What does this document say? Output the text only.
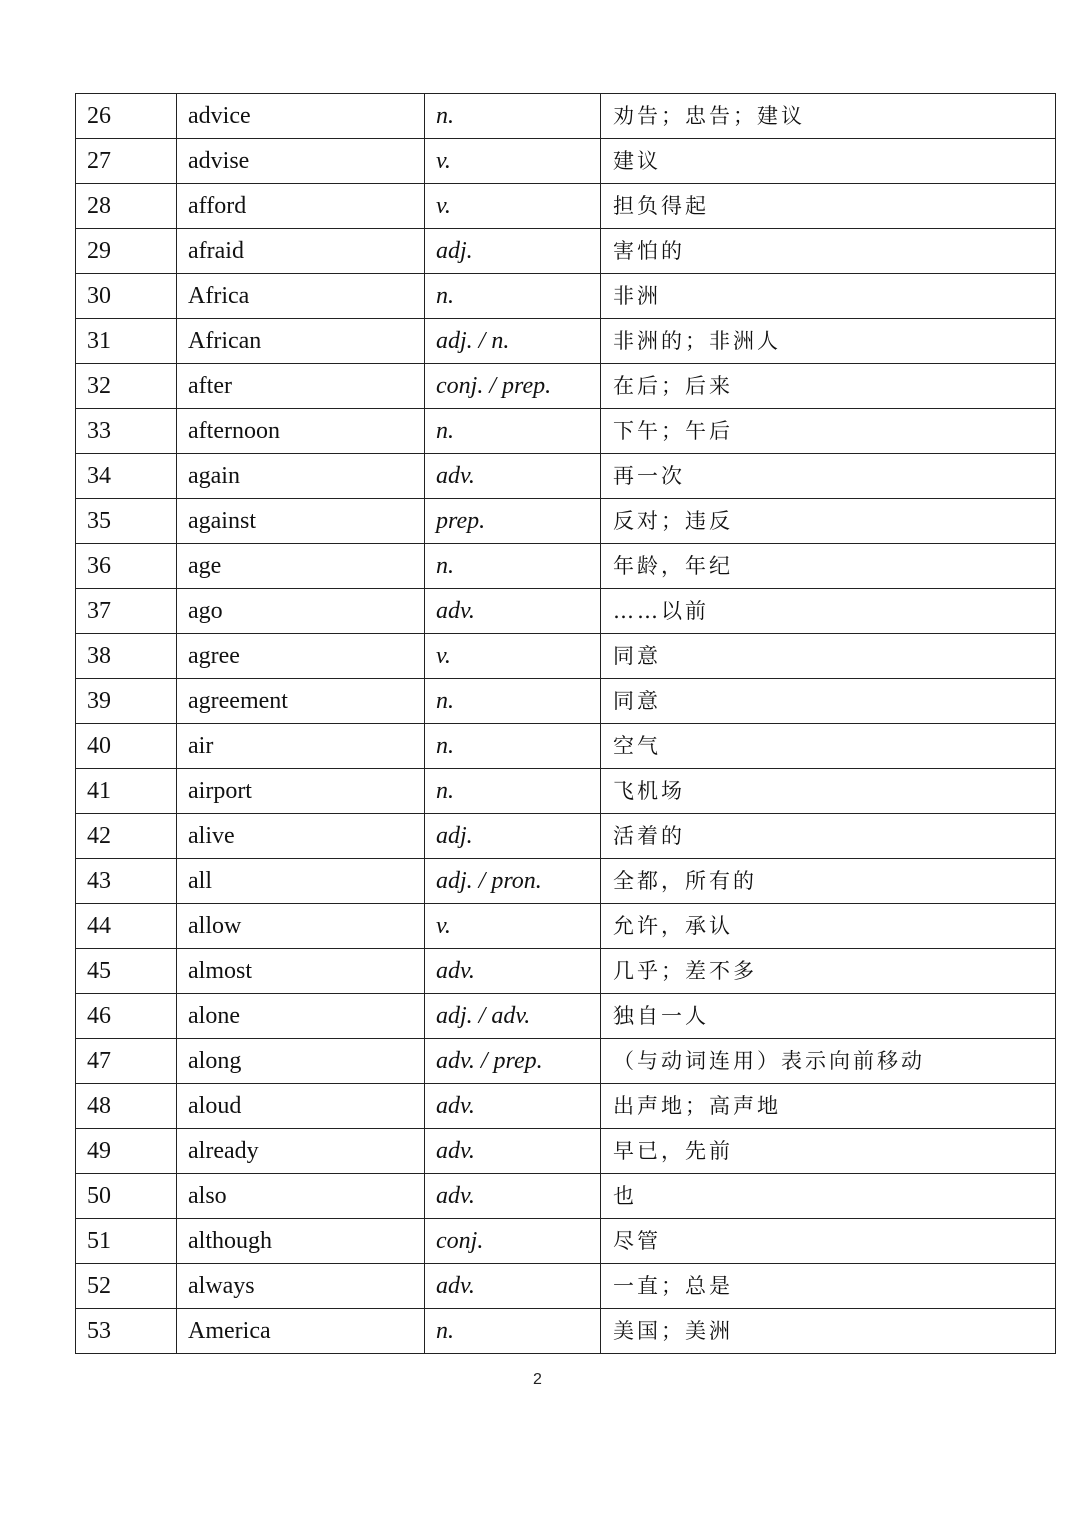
26	advice	n.	劝告；忠告；建议
27	advise	v.	建议
28	afford	v.	担负得起
29	afraid	adj.	害怕的
30	Africa	n.	非洲
31	African	adj. / n.	非洲的；非洲人
32	after	conj. / prep.	在后；后来
33	afternoon	n.	下午；午后
34	again	adv.	再一次
35	against	prep.	反对；违反
36	age	n.	年龄，年纪
37	ago	adv.	……以前
38	agree	v.	同意
39	agreement	n.	同意
40	air	n.	空气
41	airport	n.	飞机场
42	alive	adj.	活着的
43	all	adj. / pron.	全都，所有的
44	allow	v.	允许，承认
45	almost	adv.	几乎；差不多
46	alone	adj. / adv.	独自一人
47	along	adv. / prep.	（与动词连用）表示向前移动
48	aloud	adv.	出声地；高声地
49	already	adv.	早已，先前
50	also	adv.	也
51	although	conj.	尽管
52	always	adv.	一直；总是
53	America	n.	美国；美洲
2
